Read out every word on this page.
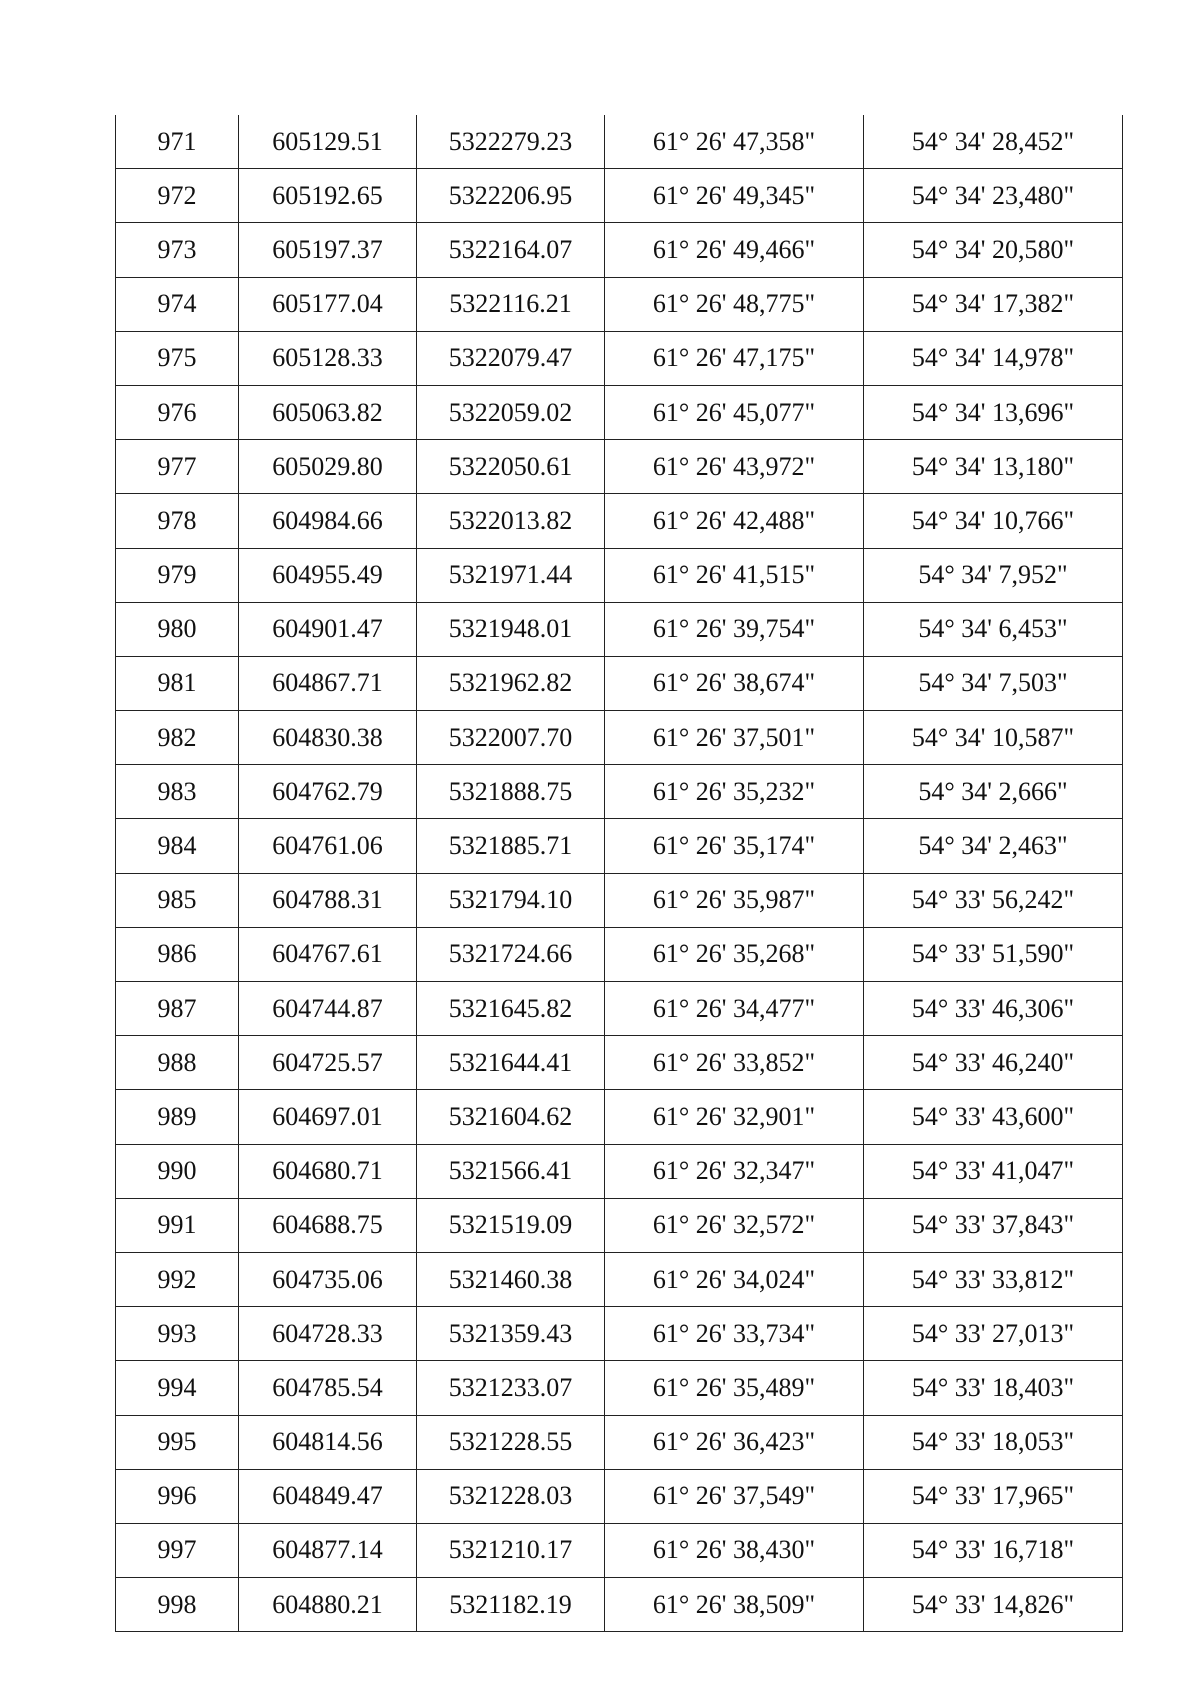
971	605129.51	5322279.23	61° 26' 47,358"	54° 34' 28,452"
972	605192.65	5322206.95	61° 26' 49,345"	54° 34' 23,480"
973	605197.37	5322164.07	61° 26' 49,466"	54° 34' 20,580"
974	605177.04	5322116.21	61° 26' 48,775"	54° 34' 17,382"
975	605128.33	5322079.47	61° 26' 47,175"	54° 34' 14,978"
976	605063.82	5322059.02	61° 26' 45,077"	54° 34' 13,696"
977	605029.80	5322050.61	61° 26' 43,972"	54° 34' 13,180"
978	604984.66	5322013.82	61° 26' 42,488"	54° 34' 10,766"
979	604955.49	5321971.44	61° 26' 41,515"	54° 34' 7,952"
980	604901.47	5321948.01	61° 26' 39,754"	54° 34' 6,453"
981	604867.71	5321962.82	61° 26' 38,674"	54° 34' 7,503"
982	604830.38	5322007.70	61° 26' 37,501"	54° 34' 10,587"
983	604762.79	5321888.75	61° 26' 35,232"	54° 34' 2,666"
984	604761.06	5321885.71	61° 26' 35,174"	54° 34' 2,463"
985	604788.31	5321794.10	61° 26' 35,987"	54° 33' 56,242"
986	604767.61	5321724.66	61° 26' 35,268"	54° 33' 51,590"
987	604744.87	5321645.82	61° 26' 34,477"	54° 33' 46,306"
988	604725.57	5321644.41	61° 26' 33,852"	54° 33' 46,240"
989	604697.01	5321604.62	61° 26' 32,901"	54° 33' 43,600"
990	604680.71	5321566.41	61° 26' 32,347"	54° 33' 41,047"
991	604688.75	5321519.09	61° 26' 32,572"	54° 33' 37,843"
992	604735.06	5321460.38	61° 26' 34,024"	54° 33' 33,812"
993	604728.33	5321359.43	61° 26' 33,734"	54° 33' 27,013"
994	604785.54	5321233.07	61° 26' 35,489"	54° 33' 18,403"
995	604814.56	5321228.55	61° 26' 36,423"	54° 33' 18,053"
996	604849.47	5321228.03	61° 26' 37,549"	54° 33' 17,965"
997	604877.14	5321210.17	61° 26' 38,430"	54° 33' 16,718"
998	604880.21	5321182.19	61° 26' 38,509"	54° 33' 14,826"
